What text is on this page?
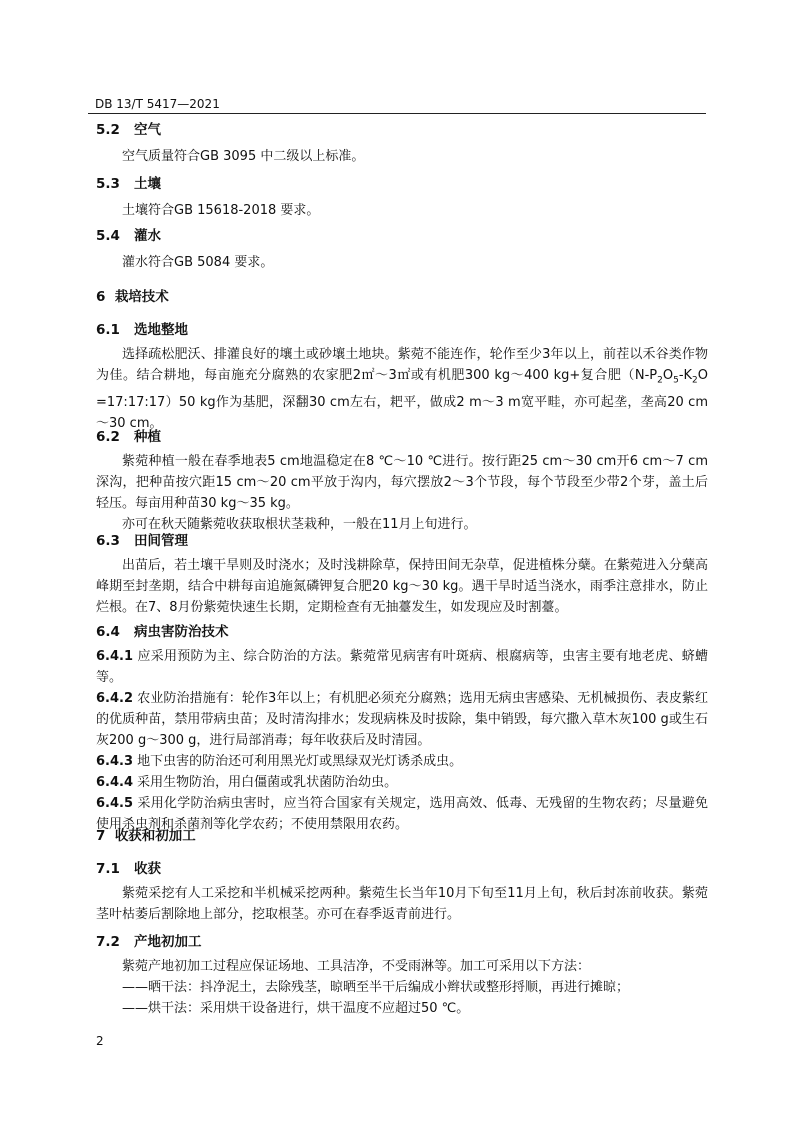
DB 13/T 5417—2021
5.2 空气
空气质量符合GB 3095 中二级以上标准。
5.3 土壤
土壤符合GB 15618-2018 要求。
5.4 灌水
灌水符合GB 5084 要求。
6 栽培技术
6.1 选地整地
选择疏松肥沃、排灌良好的壤土或砂壤土地块。紫菀不能连作，轮作至少3年以上，前茬以禾谷类作物为佳。结合耕地，每亩施充分腐熟的农家肥2㎡～3㎡或有机肥300 kg～400 kg+复合肥（$N-P_2O_5-K_2O$ =17:17:17）50 kg作为基肥，深翻30 cm左右，耙平，做成2 m～3 m宽平畦，亦可起垄，垄高20 cm～30 cm。
6.2 种植
紫菀种植一般在春季地表5 cm地温稳定在8 ℃～10 ℃进行。按行距25 cm～30 cm开6 cm～7 cm深沟，把种苗按穴距15 cm～20 cm平放于沟内，每穴摆放2～3个节段，每个节段至少带2个芽，盖土后轻压。每亩用种苗30 kg～35 kg。
亦可在秋天随紫菀收获取根状茎栽种，一般在11月上旬进行。
6.3 田间管理
出苗后，若土壤干旱则及时浇水；及时浅耕除草，保持田间无杂草，促进植株分蘖。在紫菀进入分蘖高峰期至封垄期，结合中耕每亩追施氮磷钾复合肥20 kg～30 kg。遇干旱时适当浇水，雨季注意排水，防止烂根。在7、8月份紫菀快速生长期，定期检查有无抽薹发生，如发现应及时割薹。
6.4 病虫害防治技术
6.4.1 应采用预防为主、综合防治的方法。紫菀常见病害有叶斑病、根腐病等，虫害主要有地老虎、蛴螬等。
6.4.2 农业防治措施有：轮作3年以上；有机肥必须充分腐熟；选用无病虫害感染、无机械损伤、表皮紫红的优质种苗，禁用带病虫苗；及时清沟排水；发现病株及时拔除，集中销毁，每穴撒入草木灰100 g或生石灰200 g～300 g，进行局部消毒；每年收获后及时清园。
6.4.3 地下虫害的防治还可利用黑光灯或黑绿双光灯诱杀成虫。
6.4.4 采用生物防治，用白僵菌或乳状菌防治幼虫。
6.4.5 采用化学防治病虫害时，应当符合国家有关规定，选用高效、低毒、无残留的生物农药；尽量避免使用杀虫剂和杀菌剂等化学农药；不使用禁限用农药。
7 收获和初加工
7.1 收获
紫菀采挖有人工采挖和半机械采挖两种。紫菀生长当年10月下旬至11月上旬，秋后封冻前收获。紫菀茎叶枯萎后割除地上部分，挖取根茎。亦可在春季返青前进行。
7.2 产地初加工
紫菀产地初加工过程应保证场地、工具洁净，不受雨淋等。加工可采用以下方法：
——晒干法：抖净泥土，去除残茎，晾晒至半干后编成小辫状或整形捋顺，再进行摊晾；
——烘干法：采用烘干设备进行，烘干温度不应超过50 ℃。
2
